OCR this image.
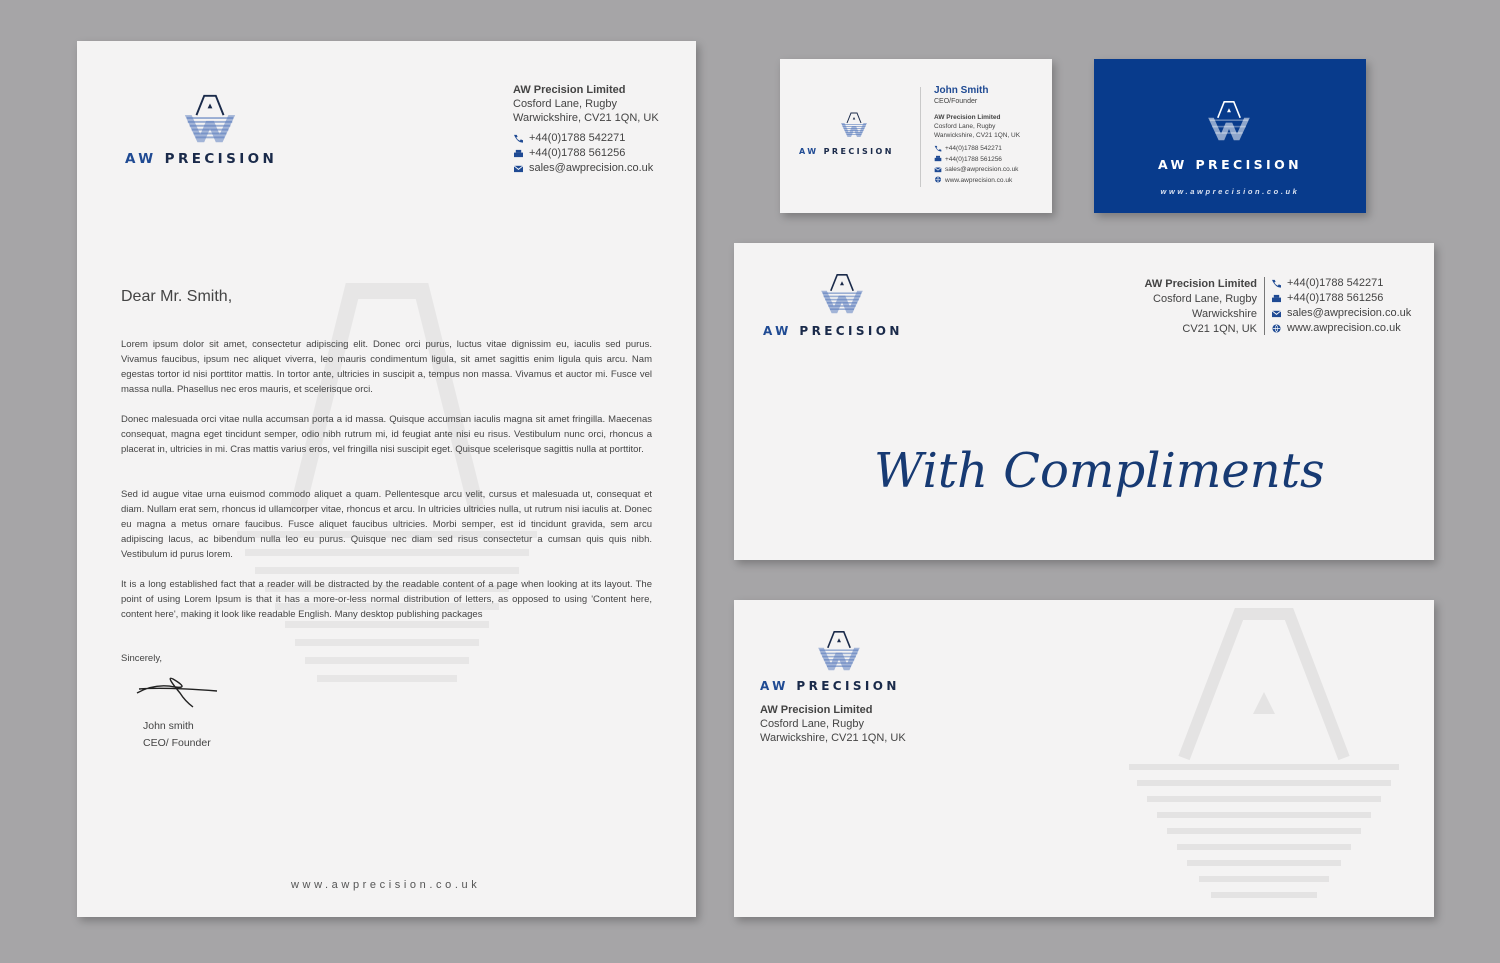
AW PRECISION
AW Precision Limited
Cosford Lane, Rugby
Warwickshire, CV21 1QN, UK
+44(0)1788 542271
+44(0)1788 561256
sales@awprecision.co.uk
Dear Mr. Smith,
Lorem ipsum dolor sit amet, consectetur adipiscing elit. Donec orci purus, luctus vitae dignissim eu, iaculis sed purus. Vivamus faucibus, ipsum nec aliquet viverra, leo mauris condimentum ligula, sit amet sagittis enim ligula quis arcu. Nam egestas tortor id nisi porttitor mattis. In tortor ante, ultricies in suscipit a, tempus non massa. Vivamus et auctor mi. Fusce vel massa nulla. Phasellus nec eros mauris, et scelerisque orci.
Donec malesuada orci vitae nulla accumsan porta a id massa. Quisque accumsan iaculis magna sit amet fringilla. Maecenas consequat, magna eget tincidunt semper, odio nibh rutrum mi, id feugiat ante nisi eu risus. Vestibulum nunc orci, rhoncus a placerat in, ultricies in mi. Cras mattis varius eros, vel fringilla nisi suscipit eget. Quisque scelerisque sagittis nulla at porttitor.
Sed id augue vitae urna euismod commodo aliquet a quam. Pellentesque arcu velit, cursus et malesuada ut, consequat et diam. Nullam erat sem, rhoncus id ullamcorper vitae, rhoncus et arcu. In ultricies ultricies nulla, ut rutrum nisi iaculis at. Donec eu magna a metus ornare faucibus. Fusce aliquet faucibus ultricies. Morbi semper, est id tincidunt gravida, sem arcu adipiscing lacus, ac bibendum nulla leo eu purus. Quisque nec diam sed risus consectetur a cumsan quis quis nibh. Vestibulum id purus lorem.
It is a long established fact that a reader will be distracted by the readable content of a page when looking at its layout. The point of using Lorem Ipsum is that it has a more-or-less normal distribution of letters, as opposed to using 'Content here, content here', making it look like readable English. Many desktop publishing packages
Sincerely,
John smith
CEO/ Founder
www.awprecision.co.uk
AW PRECISION
John Smith
CEO/Founder
AW Precision Limited
Cosford Lane, Rugby
Warwickshire, CV21 1QN, UK
+44(0)1788 542271
+44(0)1788 561256
sales@awprecision.co.uk
www.awprecision.co.uk
AW PRECISION
www.awprecision.co.uk
AW PRECISION
AW Precision Limited
Cosford Lane, Rugby
Warwickshire
CV21 1QN, UK
+44(0)1788 542271
+44(0)1788 561256
sales@awprecision.co.uk
www.awprecision.co.uk
With Compliments
AW PRECISION
AW Precision Limited
Cosford Lane, Rugby
Warwickshire, CV21 1QN, UK
